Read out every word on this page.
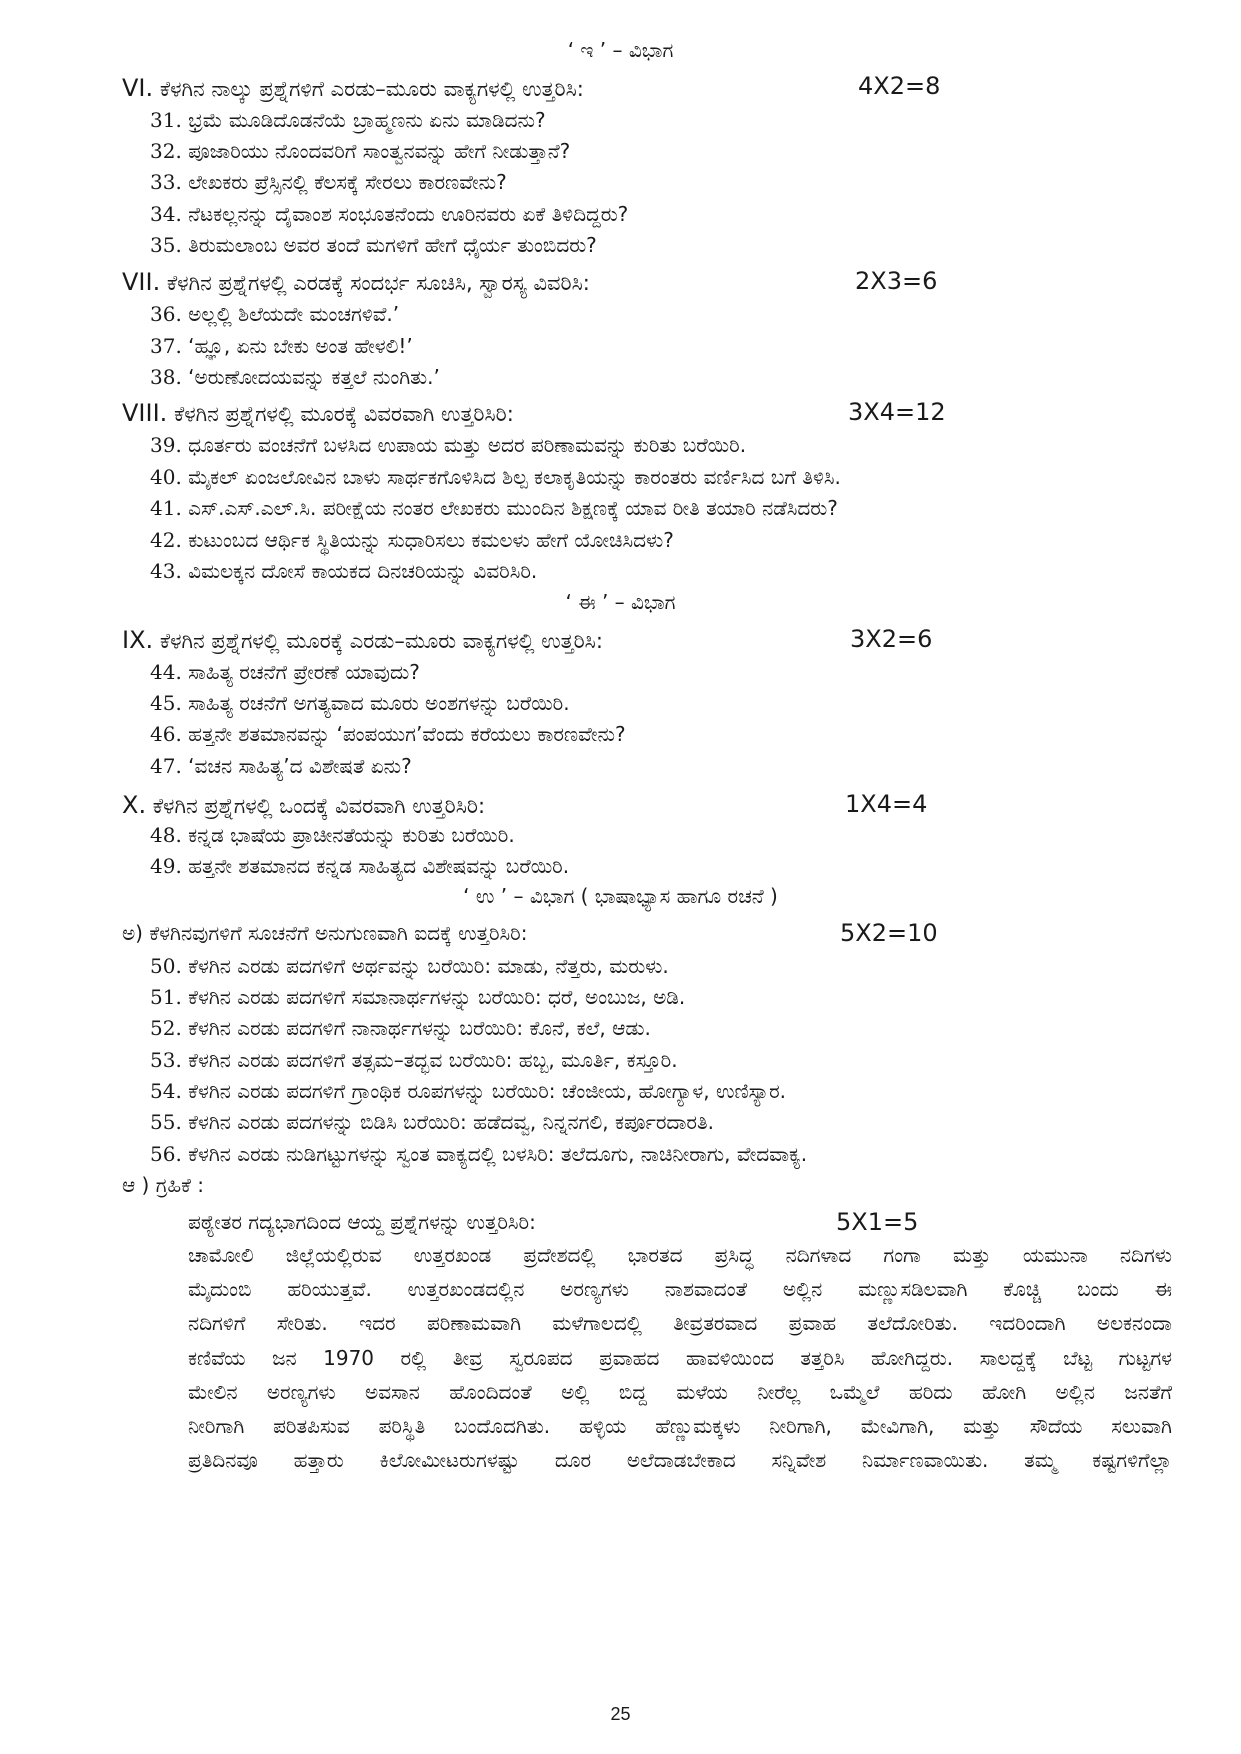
‘ ಇ ’ – ವಿಭಾಗ
VI. ಕೆಳಗಿನ ನಾಲ್ಕು ಪ್ರಶ್ನೆಗಳಿಗೆ ಎರಡು–ಮೂರು ವಾಕ್ಯಗಳಲ್ಲಿ ಉತ್ತರಿಸಿ:	4X2=8
31. ಭ್ರಮೆ ಮೂಡಿದೊಡನೆಯೆ ಬ್ರಾಹ್ಮಣನು ಏನು ಮಾಡಿದನು?
32. ಪೂಜಾರಿಯು ನೊಂದವರಿಗೆ ಸಾಂತ್ವನವನ್ನು ಹೇಗೆ ನೀಡುತ್ತಾನೆ?
33. ಲೇಖಕರು ಪ್ರೆಸ್ಸಿನಲ್ಲಿ ಕೆಲಸಕ್ಕೆ ಸೇರಲು ಕಾರಣವೇನು?
34. ನೆಟಕಲ್ಲನನ್ನು ದೈವಾಂಶ ಸಂಭೂತನೆಂದು ಊರಿನವರು ಏಕೆ ತಿಳಿದಿದ್ದರು?
35. ತಿರುಮಲಾಂಬ ಅವರ ತಂದೆ ಮಗಳಿಗೆ ಹೇಗೆ ಧೈರ್ಯ ತುಂಬಿದರು?
VII. ಕೆಳಗಿನ ಪ್ರಶ್ನೆಗಳಲ್ಲಿ ಎರಡಕ್ಕೆ ಸಂದರ್ಭ ಸೂಚಿಸಿ, ಸ್ವಾರಸ್ಯ ವಿವರಿಸಿ:	2X3=6
36. ಅಲ್ಲಲ್ಲಿ ಶಿಲೆಯದೇ ಮಂಚಗಳಿವೆ.’
37. ‘ಹ್ಞೂ, ಏನು ಬೇಕು ಅಂತ ಹೇಳಲಿ!’
38. ‘ಅರುಣೋದಯವನ್ನು ಕತ್ತಲೆ ನುಂಗಿತು.’
VIII. ಕೆಳಗಿನ ಪ್ರಶ್ನೆಗಳಲ್ಲಿ ಮೂರಕ್ಕೆ ವಿವರವಾಗಿ ಉತ್ತರಿಸಿರಿ:	3X4=12
39. ಧೂರ್ತರು ವಂಚನೆಗೆ ಬಳಸಿದ ಉಪಾಯ ಮತ್ತು ಅದರ ಪರಿಣಾಮವನ್ನು ಕುರಿತು ಬರೆಯಿರಿ.
40. ಮೈಕಲ್ ಏಂಜಲೋವಿನ ಬಾಳು ಸಾರ್ಥಕಗೊಳಿಸಿದ ಶಿಲ್ಪ ಕಲಾಕೃತಿಯನ್ನು ಕಾರಂತರು ವರ್ಣಿಸಿದ ಬಗೆ ತಿಳಿಸಿ.
41. ಎಸ್.ಎಸ್.ಎಲ್.ಸಿ. ಪರೀಕ್ಷೆಯ ನಂತರ ಲೇಖಕರು ಮುಂದಿನ ಶಿಕ್ಷಣಕ್ಕೆ ಯಾವ ರೀತಿ ತಯಾರಿ ನಡೆಸಿದರು?
42. ಕುಟುಂಬದ ಆರ್ಥಿಕ ಸ್ಥಿತಿಯನ್ನು ಸುಧಾರಿಸಲು ಕಮಲಳು ಹೇಗೆ ಯೋಚಿಸಿದಳು?
43. ವಿಮಲಕ್ಕನ ದೋಸೆ ಕಾಯಕದ ದಿನಚರಿಯನ್ನು ವಿವರಿಸಿರಿ.
‘ ಈ ’ – ವಿಭಾಗ
IX. ಕೆಳಗಿನ ಪ್ರಶ್ನೆಗಳಲ್ಲಿ ಮೂರಕ್ಕೆ ಎರಡು–ಮೂರು ವಾಕ್ಯಗಳಲ್ಲಿ ಉತ್ತರಿಸಿ:	3X2=6
44. ಸಾಹಿತ್ಯ ರಚನೆಗೆ ಪ್ರೇರಣೆ ಯಾವುದು?
45. ಸಾಹಿತ್ಯ ರಚನೆಗೆ ಅಗತ್ಯವಾದ ಮೂರು ಅಂಶಗಳನ್ನು ಬರೆಯಿರಿ.
46. ಹತ್ತನೇ ಶತಮಾನವನ್ನು ‘ಪಂಪಯುಗ’ವೆಂದು ಕರೆಯಲು ಕಾರಣವೇನು?
47. ‘ವಚನ ಸಾಹಿತ್ಯ’ದ ವಿಶೇಷತೆ ಏನು?
X. ಕೆಳಗಿನ ಪ್ರಶ್ನೆಗಳಲ್ಲಿ ಒಂದಕ್ಕೆ ವಿವರವಾಗಿ ಉತ್ತರಿಸಿರಿ:	1X4=4
48. ಕನ್ನಡ ಭಾಷೆಯ ಪ್ರಾಚೀನತೆಯನ್ನು ಕುರಿತು ಬರೆಯಿರಿ.
49. ಹತ್ತನೇ ಶತಮಾನದ ಕನ್ನಡ ಸಾಹಿತ್ಯದ ವಿಶೇಷವನ್ನು ಬರೆಯಿರಿ.
‘ ಉ ’ – ವಿಭಾಗ ( ಭಾಷಾಭ್ಯಾಸ ಹಾಗೂ ರಚನೆ )
ಅ) ಕೆಳಗಿನವುಗಳಿಗೆ ಸೂಚನೆಗೆ ಅನುಗುಣವಾಗಿ ಐದಕ್ಕೆ ಉತ್ತರಿಸಿರಿ:	5X2=10
50. ಕೆಳಗಿನ ಎರಡು ಪದಗಳಿಗೆ ಅರ್ಥವನ್ನು ಬರೆಯಿರಿ: ಮಾಡು, ನೆತ್ತರು, ಮರುಳು.
51. ಕೆಳಗಿನ ಎರಡು ಪದಗಳಿಗೆ ಸಮಾನಾರ್ಥಗಳನ್ನು ಬರೆಯಿರಿ: ಧರೆ, ಅಂಬುಜ, ಅಡಿ.
52. ಕೆಳಗಿನ ಎರಡು ಪದಗಳಿಗೆ ನಾನಾರ್ಥಗಳನ್ನು ಬರೆಯಿರಿ: ಕೊನೆ, ಕಲೆ, ಆಡು.
53. ಕೆಳಗಿನ ಎರಡು ಪದಗಳಿಗೆ ತತ್ಸಮ–ತದ್ಭವ ಬರೆಯಿರಿ: ಹಬ್ಬ, ಮೂರ್ತಿ, ಕಸ್ತೂರಿ.
54. ಕೆಳಗಿನ ಎರಡು ಪದಗಳಿಗೆ ಗ್ರಾಂಥಿಕ ರೂಪಗಳನ್ನು ಬರೆಯಿರಿ: ಚೆಂಜೀಯ, ಹೋಗ್ಯಾಳ, ಉಣಿಸ್ಯಾರ.
55. ಕೆಳಗಿನ ಎರಡು ಪದಗಳನ್ನು ಬಿಡಿಸಿ ಬರೆಯಿರಿ: ಹಡೆದವ್ವ, ನಿನ್ನನಗಲಿ, ಕರ್ಪೂರದಾರತಿ.
56. ಕೆಳಗಿನ ಎರಡು ನುಡಿಗಟ್ಟುಗಳನ್ನು ಸ್ವಂತ ವಾಕ್ಯದಲ್ಲಿ ಬಳಸಿರಿ: ತಲೆದೂಗು, ನಾಚಿನೀರಾಗು, ವೇದವಾಕ್ಯ.
ಆ ) ಗ್ರಹಿಕೆ :
ಪಠ್ಯೇತರ ಗದ್ಯಭಾಗದಿಂದ ಆಯ್ದ ಪ್ರಶ್ನೆಗಳನ್ನು ಉತ್ತರಿಸಿರಿ:	5X1=5
ಚಾಮೋಲಿ ಜಿಲ್ಲೆಯಲ್ಲಿರುವ ಉತ್ತರಖಂಡ ಪ್ರದೇಶದಲ್ಲಿ ಭಾರತದ ಪ್ರಸಿದ್ಧ ನದಿಗಳಾದ ಗಂಗಾ ಮತ್ತು ಯಮುನಾ ನದಿಗಳು
ಮೈದುಂಬಿ ಹರಿಯುತ್ತವೆ. ಉತ್ತರಖಂಡದಲ್ಲಿನ ಅರಣ್ಯಗಳು ನಾಶವಾದಂತೆ ಅಲ್ಲಿನ ಮಣ್ಣುಸಡಿಲವಾಗಿ ಕೊಚ್ಚಿ ಬಂದು ಈ
ನದಿಗಳಿಗೆ ಸೇರಿತು. ಇದರ ಪರಿಣಾಮವಾಗಿ ಮಳೆಗಾಲದಲ್ಲಿ ತೀವ್ರತರವಾದ ಪ್ರವಾಹ ತಲೆದೋರಿತು. ಇದರಿಂದಾಗಿ ಅಲಕನಂದಾ
ಕಣಿವೆಯ ಜನ 1970 ರಲ್ಲಿ ತೀವ್ರ ಸ್ವರೂಪದ ಪ್ರವಾಹದ ಹಾವಳಿಯಿಂದ ತತ್ತರಿಸಿ ಹೋಗಿದ್ದರು. ಸಾಲದ್ದಕ್ಕೆ ಬೆಟ್ಟ ಗುಟ್ಟಗಳ
ಮೇಲಿನ ಅರಣ್ಯಗಳು ಅವಸಾನ ಹೊಂದಿದಂತೆ ಅಲ್ಲಿ ಬಿದ್ದ ಮಳೆಯ ನೀರೆಲ್ಲ ಒಮ್ಮೆಲೆ ಹರಿದು ಹೋಗಿ ಅಲ್ಲಿನ ಜನತೆಗೆ
ನೀರಿಗಾಗಿ ಪರಿತಪಿಸುವ ಪರಿಸ್ಥಿತಿ ಬಂದೊದಗಿತು. ಹಳ್ಳಿಯ ಹೆಣ್ಣುಮಕ್ಕಳು ನೀರಿಗಾಗಿ, ಮೇವಿಗಾಗಿ, ಮತ್ತು ಸೌದೆಯ ಸಲುವಾಗಿ
ಪ್ರತಿದಿನವೂ ಹತ್ತಾರು ಕಿಲೋಮೀಟರುಗಳಷ್ಟು ದೂರ ಅಲೆದಾಡಬೇಕಾದ ಸನ್ನಿವೇಶ ನಿರ್ಮಾಣವಾಯಿತು. ತಮ್ಮ ಕಷ್ಟಗಳಿಗೆಲ್ಲಾ
25
